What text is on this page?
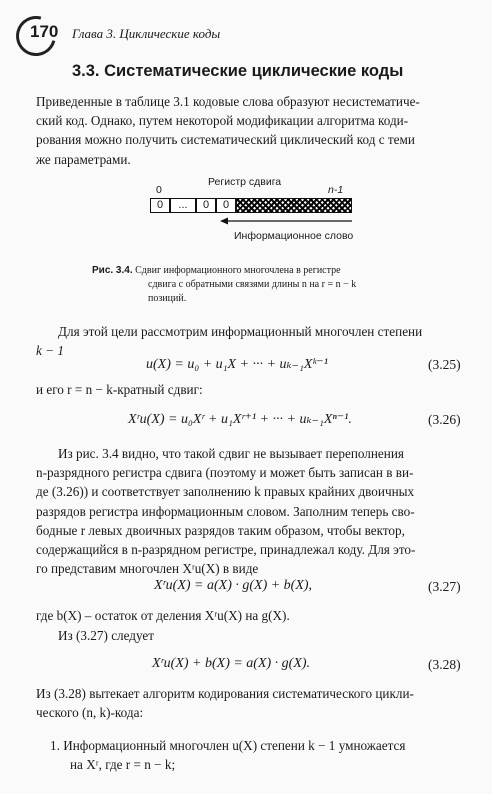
170 Глава 3. Циклические коды
3.3. Систематические циклические коды
Приведенные в таблице 3.1 кодовые слова образуют несистематиче-
ский код. Однако, путем некоторой модификации алгоритма коди-
рования можно получить систематический циклический код с теми
же параметрами.
Регистр сдвига
0	n-1
0	...	0	0
Информационное слово
Рис. 3.4. Сдвиг информационного многочлена в регистре
сдвига с обратными связями длины n на r = n − k
позиций.
Для этой цели рассмотрим информационный многочлен степени
k − 1
u(X) = u₀ + u₁X + ··· + uₖ₋₁Xᵏ⁻¹	(3.25)
и его r = n − k-кратный сдвиг:
Xʳu(X) = u₀Xʳ + u₁Xʳ⁺¹ + ··· + uₖ₋₁Xⁿ⁻¹.	(3.26)
Из рис. 3.4 видно, что такой сдвиг не вызывает переполнения
n-разрядного регистра сдвига (поэтому и может быть записан в ви-
де (3.26)) и соответствует заполнению k правых крайних двоичных
разрядов регистра информационным словом. Заполним теперь сво-
бодные r левых двоичных разрядов таким образом, чтобы вектор,
содержащийся в n-разрядном регистре, принадлежал коду. Для это-
го представим многочлен Xʳu(X) в виде
Xʳu(X) = a(X) · g(X) + b(X),	(3.27)
где b(X) – остаток от деления Xʳu(X) на g(X).
Из (3.27) следует
Xʳu(X) + b(X) = a(X) · g(X).	(3.28)
Из (3.28) вытекает алгоритм кодирования систематического цикли-
ческого (n, k)-кода:
1. Информационный многочлен u(X) степени k − 1 умножается
на Xʳ, где r = n − k;
